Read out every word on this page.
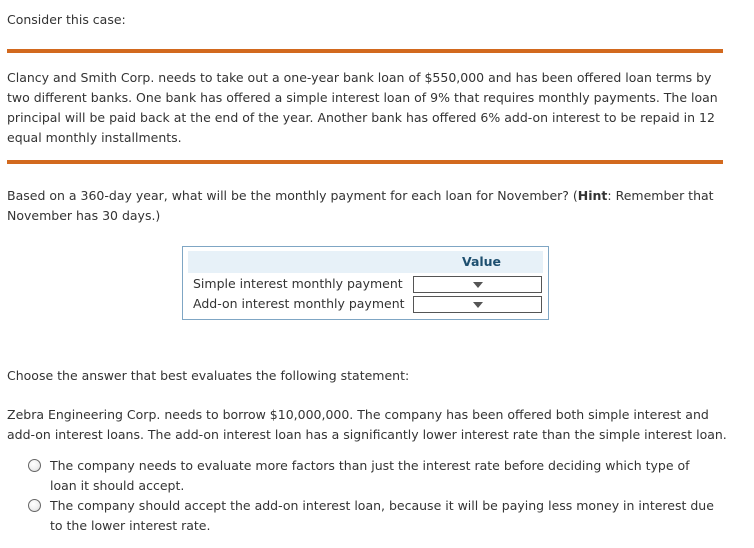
Consider this case:
Clancy and Smith Corp. needs to take out a one-year bank loan of $550,000 and has been offered loan terms by two different banks. One bank has offered a simple interest loan of 9% that requires monthly payments. The loan principal will be paid back at the end of the year. Another bank has offered 6% add-on interest to be repaid in 12 equal monthly installments.
Based on a 360-day year, what will be the monthly payment for each loan for November? (Hint: Remember that November has 30 days.)
Value
Simple interest monthly payment
Add-on interest monthly payment
Choose the answer that best evaluates the following statement:
Zebra Engineering Corp. needs to borrow $10,000,000. The company has been offered both simple interest and add-on interest loans. The add-on interest loan has a significantly lower interest rate than the simple interest loan.
The company needs to evaluate more factors than just the interest rate before deciding which type of loan it should accept.
The company should accept the add-on interest loan, because it will be paying less money in interest due to the lower interest rate.
